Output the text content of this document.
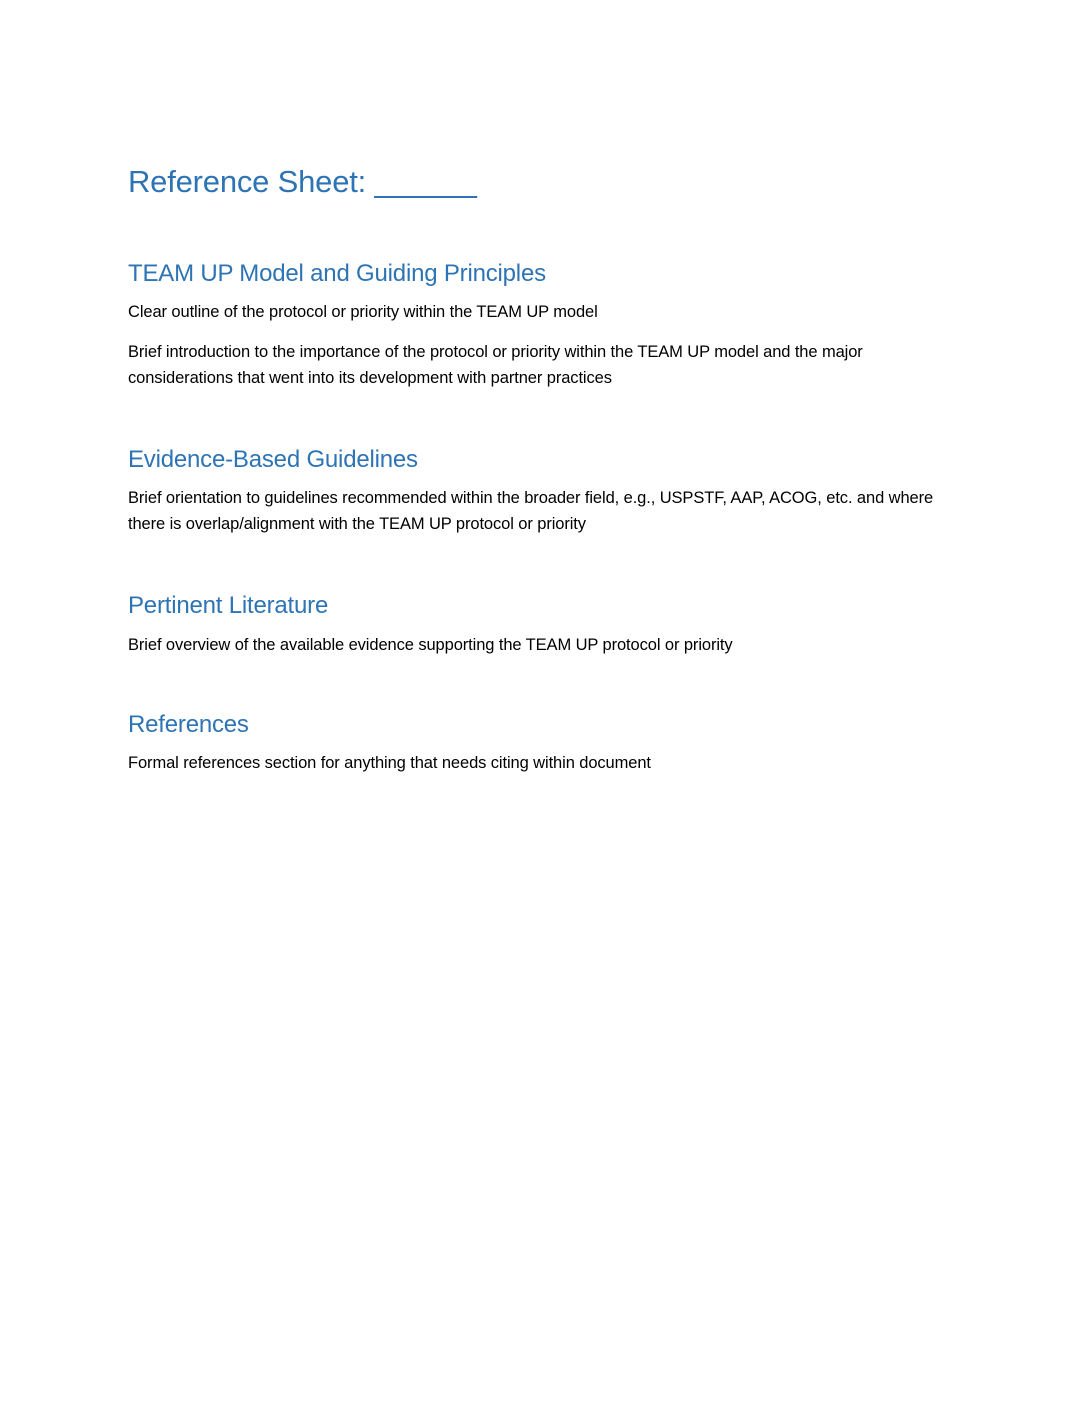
Reference Sheet: ______
TEAM UP Model and Guiding Principles

Clear outline of the protocol or priority within the TEAM UP model

Brief introduction to the importance of the protocol or priority within the TEAM UP model and the major considerations that went into its development with partner practices

Evidence-Based Guidelines

Brief orientation to guidelines recommended within the broader field, e.g., USPSTF, AAP, ACOG, etc. and where there is overlap/alignment with the TEAM UP protocol or priority

Pertinent Literature

Brief overview of the available evidence supporting the TEAM UP protocol or priority

References

Formal references section for anything that needs citing within document
